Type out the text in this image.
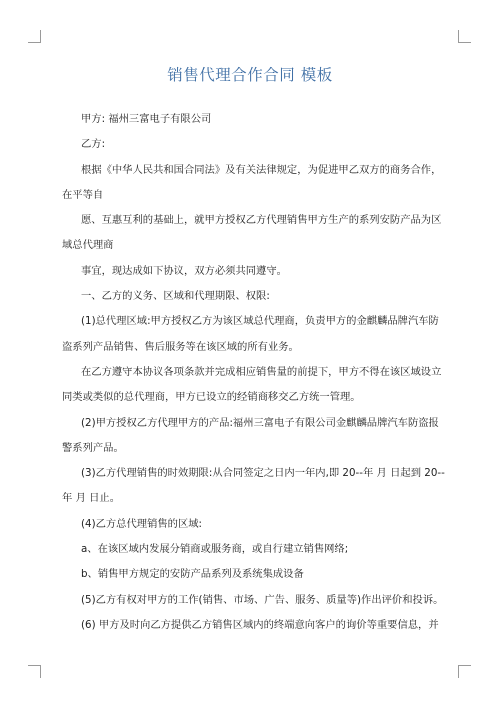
销售代理合作合同 模板
甲方: 福州三富电子有限公司
乙方:
根据《中华人民共和国合同法》及有关法律规定，为促进甲乙双方的商务合作，
在平等自
愿、互惠互利的基础上，就甲方授权乙方代理销售甲方生产的系列安防产品为区
域总代理商
事宜，现达成如下协议，双方必须共同遵守。
一、乙方的义务、区域和代理期限、权限:
(1)总代理区域:甲方授权乙方为该区域总代理商，负责甲方的金麒麟品牌汽车防
盗系列产品销售、售后服务等在该区域的所有业务。
在乙方遵守本协议各项条款并完成相应销售量的前提下，甲方不得在该区域设立
同类或类似的总代理商，甲方已设立的经销商移交乙方统一管理。
(2)甲方授权乙方代理甲方的产品:福州三富电子有限公司金麒麟品牌汽车防盗报
警系列产品。
(3)乙方代理销售的时效期限:从合同签定之日内一年内,即 20--年 月 日起到 20--
年 月 日止。
(4)乙方总代理销售的区域:
a、在该区域内发展分销商或服务商，或自行建立销售网络;
b、销售甲方规定的安防产品系列及系统集成设备
(5)乙方有权对甲方的工作(销售、市场、广告、服务、质量等)作出评价和投诉。
(6) 甲方及时向乙方提供乙方销售区域内的终端意向客户的询价等重要信息，并
